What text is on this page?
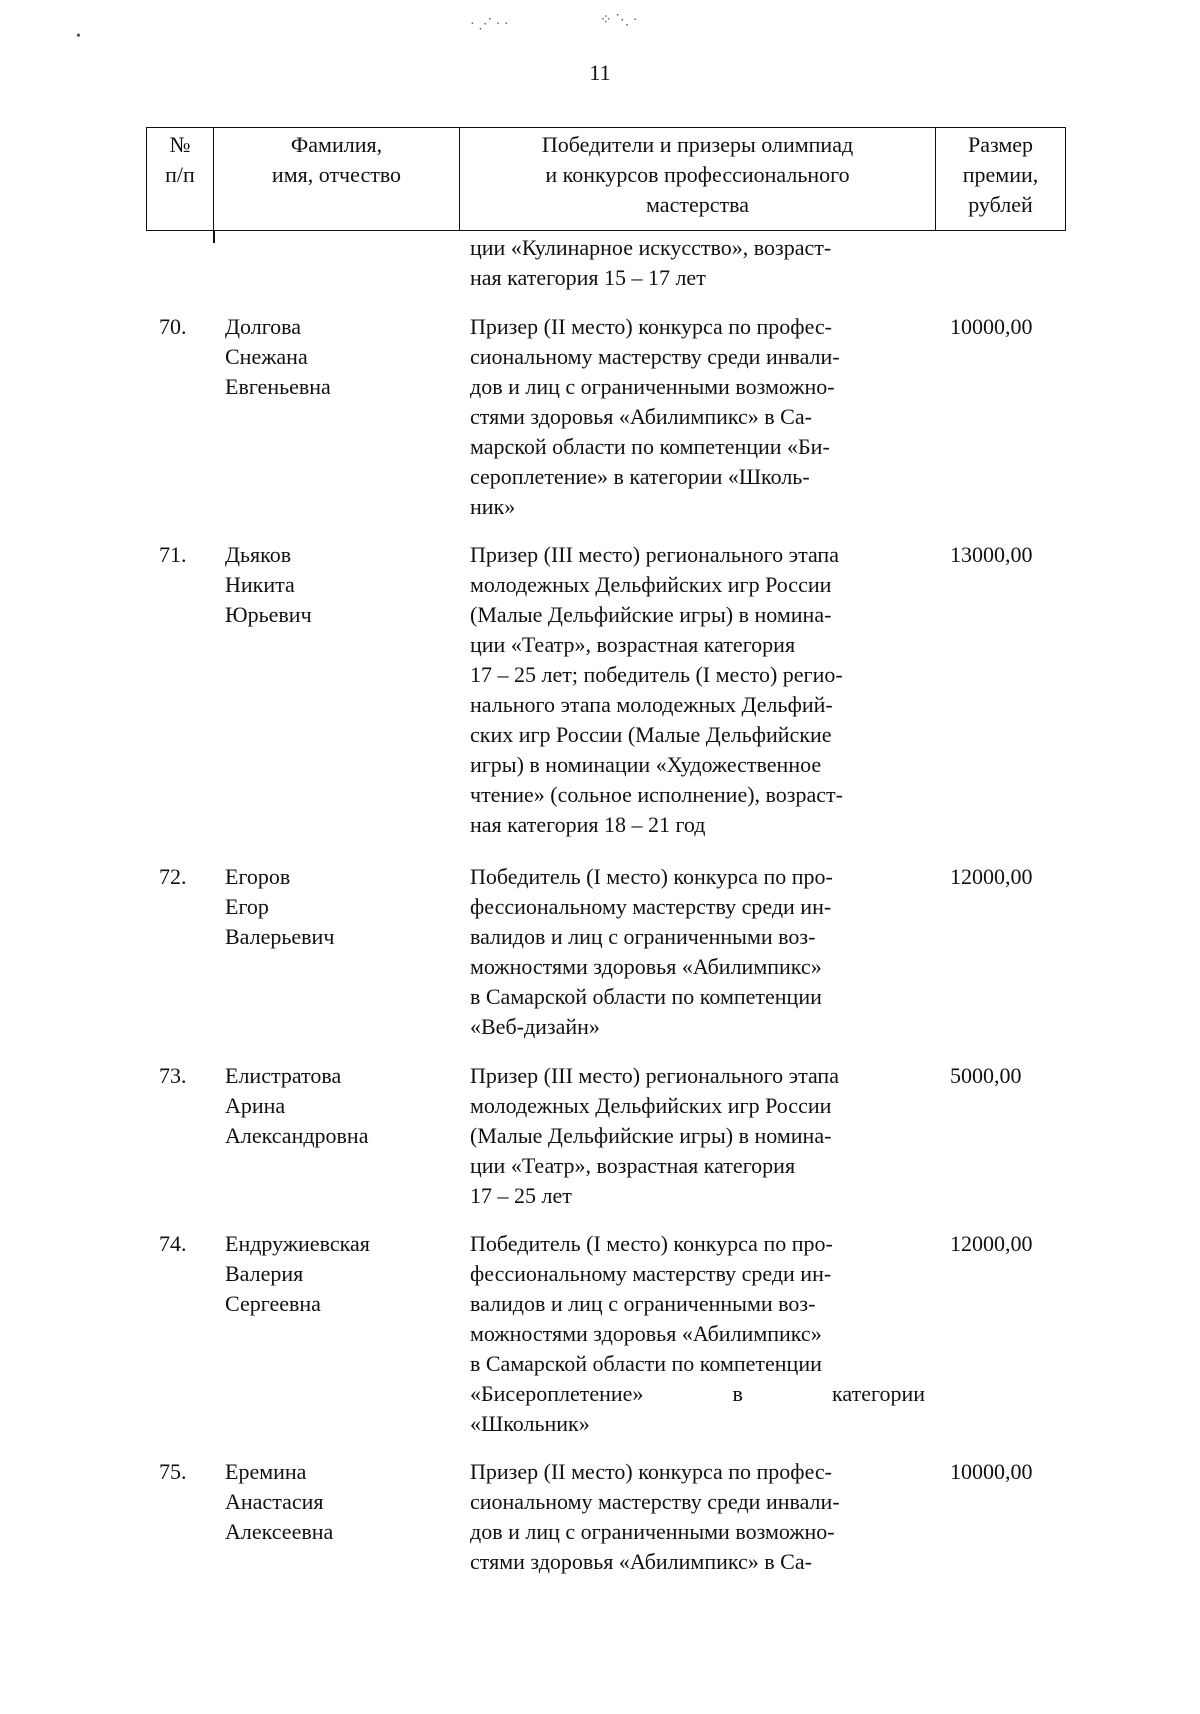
· ⋰ · ·	⁘ ⋱ ·
•
11
№
п/п
Фамилия,
имя, отчество
Победители и призеры олимпиад
и конкурсов профессионального
мастерства
Размер
премии,
рублей
ции «Кулинарное искусство», возраст-
ная категория 15 – 17 лет
70. Долгова
Снежана
Евгеньевна
Призер (II место) конкурса по профес-
сиональному мастерству среди инвали-
дов и лиц с ограниченными возможно-
стями здоровья «Абилимпикс» в Са-
марской области по компетенции «Би-
сероплетение» в категории «Школь-
ник»
10000,00
71. Дьяков
Никита
Юрьевич
Призер (III место) регионального этапа
молодежных Дельфийских игр России
(Малые Дельфийские игры) в номина-
ции «Театр», возрастная категория
17 – 25 лет; победитель (I место) регио-
нального этапа молодежных Дельфий-
ских игр России (Малые Дельфийские
игры) в номинации «Художественное
чтение» (сольное исполнение), возраст-
ная категория 18 – 21 год
13000,00
72. Егоров
Егор
Валерьевич
Победитель (I место) конкурса по про-
фессиональному мастерству среди ин-
валидов и лиц с ограниченными воз-
можностями здоровья «Абилимпикс»
в Самарской области по компетенции
«Веб-дизайн»
12000,00
73. Елистратова
Арина
Александровна
Призер (III место) регионального этапа
молодежных Дельфийских игр России
(Малые Дельфийские игры) в номина-
ции «Театр», возрастная категория
17 – 25 лет
5000,00
74. Ендружиевская
Валерия
Сергеевна
Победитель (I место) конкурса по про-
фессиональному мастерству среди ин-
валидов и лиц с ограниченными воз-
можностями здоровья «Абилимпикс»
в Самарской области по компетенции
«Бисероплетение» в категории
«Школьник»
12000,00
75. Еремина
Анастасия
Алексеевна
Призер (II место) конкурса по профес-
сиональному мастерству среди инвали-
дов и лиц с ограниченными возможно-
стями здоровья «Абилимпикс» в Са-
10000,00
